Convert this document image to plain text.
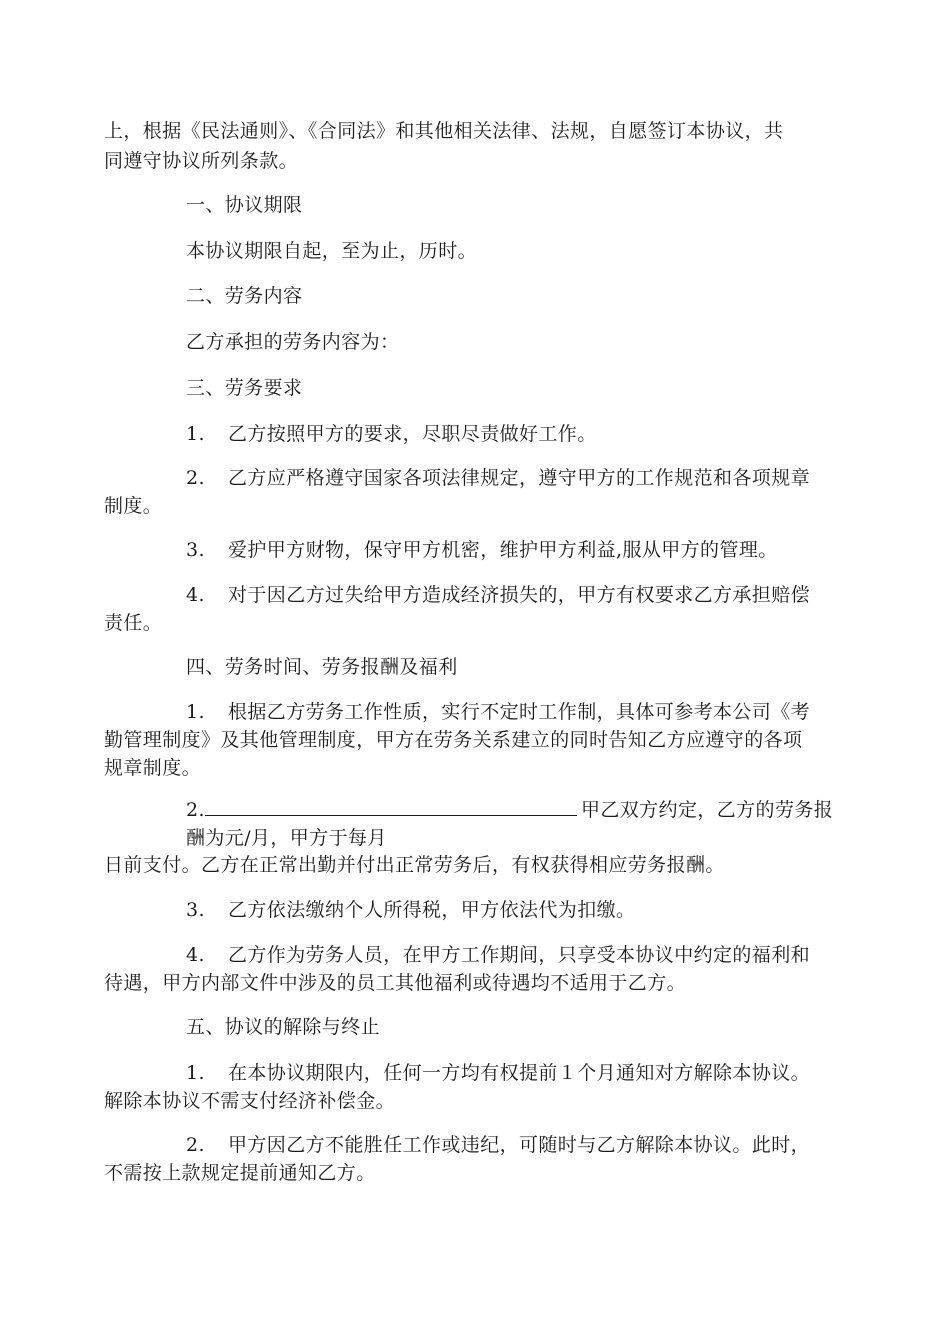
上，根据《民法通则》、《合同法》和其他相关法律、法规，自愿签订本协议，共
同遵守协议所列条款。
一、协议期限
本协议期限自起，至为止，历时。
二、劳务内容
乙方承担的劳务内容为：
三、劳务要求
1. 乙方按照甲方的要求，尽职尽责做好工作。
2. 乙方应严格遵守国家各项法律规定，遵守甲方的工作规范和各项规章
制度。
3. 爱护甲方财物，保守甲方机密，维护甲方利益,服从甲方的管理。
4. 对于因乙方过失给甲方造成经济损失的，甲方有权要求乙方承担赔偿
责任。
四、劳务时间、劳务报酬及福利
1. 根据乙方劳务工作性质，实行不定时工作制，具体可参考本公司《考
勤管理制度》及其他管理制度，甲方在劳务关系建立的同时告知乙方应遵守的各项
规章制度。
2.	甲乙双方约定，乙方的劳务报
酬为元/月，甲方于每月
日前支付。乙方在正常出勤并付出正常劳务后，有权获得相应劳务报酬。
3. 乙方依法缴纳个人所得税，甲方依法代为扣缴。
4. 乙方作为劳务人员，在甲方工作期间，只享受本协议中约定的福利和
待遇，甲方内部文件中涉及的员工其他福利或待遇均不适用于乙方。
五、协议的解除与终止
1. 在本协议期限内，任何一方均有权提前１个月通知对方解除本协议。
解除本协议不需支付经济补偿金。
2. 甲方因乙方不能胜任工作或违纪，可随时与乙方解除本协议。此时，
不需按上款规定提前通知乙方。
